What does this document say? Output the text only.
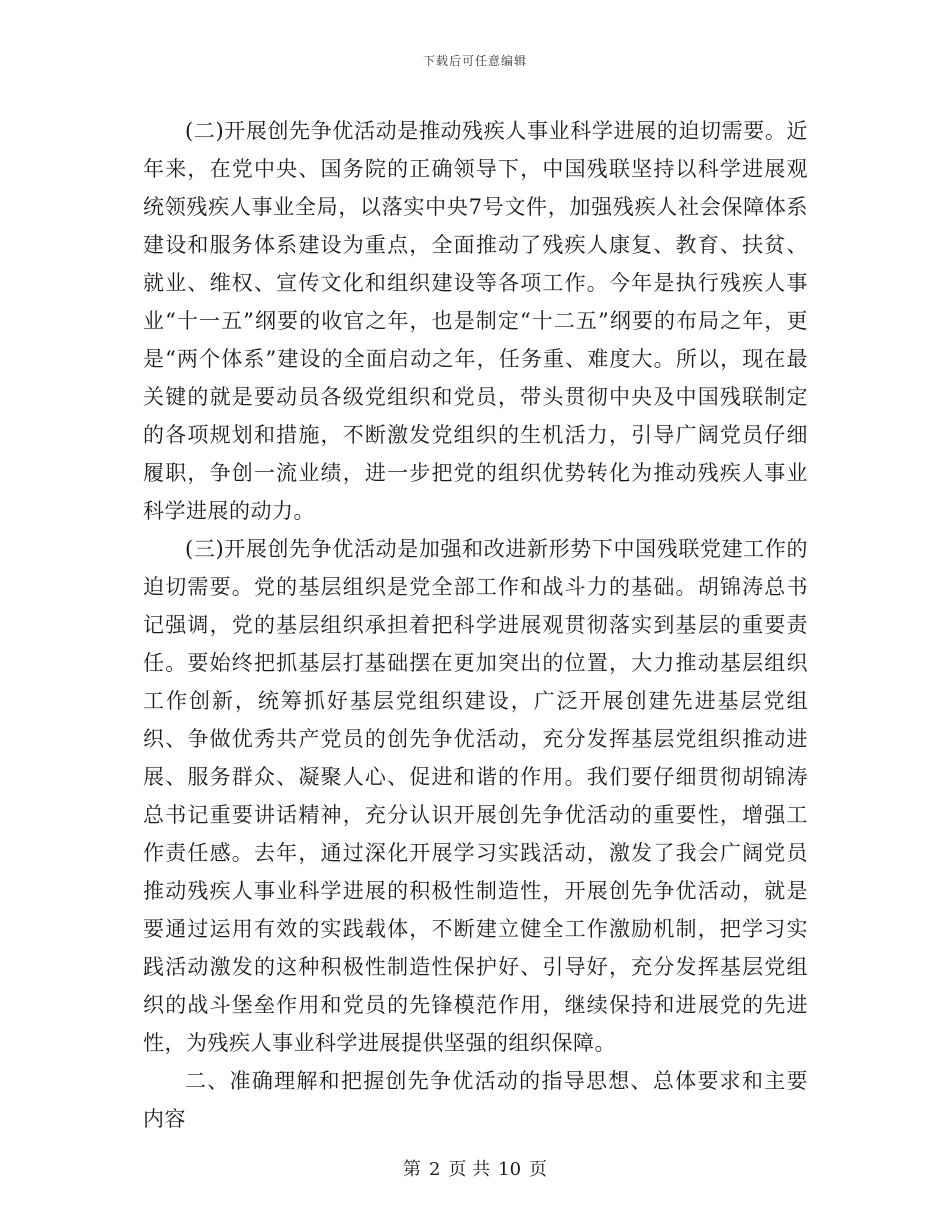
下载后可任意编辑

(二)开展创先争优活动是推动残疾人事业科学进展的迫切需要。近年来，在党中央、国务院的正确领导下，中国残联坚持以科学进展观统领残疾人事业全局，以落实中央7号文件，加强残疾人社会保障体系建设和服务体系建设为重点，全面推动了残疾人康复、教育、扶贫、就业、维权、宣传文化和组织建设等各项工作。今年是执行残疾人事业“十一五”纲要的收官之年，也是制定“十二五”纲要的布局之年，更是“两个体系”建设的全面启动之年，任务重、难度大。所以，现在最关键的就是要动员各级党组织和党员，带头贯彻中央及中国残联制定的各项规划和措施，不断激发党组织的生机活力，引导广阔党员仔细履职，争创一流业绩，进一步把党的组织优势转化为推动残疾人事业科学进展的动力。

(三)开展创先争优活动是加强和改进新形势下中国残联党建工作的迫切需要。党的基层组织是党全部工作和战斗力的基础。胡锦涛总书记强调，党的基层组织承担着把科学进展观贯彻落实到基层的重要责任。要始终把抓基层打基础摆在更加突出的位置，大力推动基层组织工作创新，统筹抓好基层党组织建设，广泛开展创建先进基层党组织、争做优秀共产党员的创先争优活动，充分发挥基层党组织推动进展、服务群众、凝聚人心、促进和谐的作用。我们要仔细贯彻胡锦涛总书记重要讲话精神，充分认识开展创先争优活动的重要性，增强工作责任感。去年，通过深化开展学习实践活动，激发了我会广阔党员推动残疾人事业科学进展的积极性制造性，开展创先争优活动，就是要通过运用有效的实践载体，不断建立健全工作激励机制，把学习实践活动激发的这种积极性制造性保护好、引导好，充分发挥基层党组织的战斗堡垒作用和党员的先锋模范作用，继续保持和进展党的先进性，为残疾人事业科学进展提供坚强的组织保障。

二、准确理解和把握创先争优活动的指导思想、总体要求和主要内容

第 2 页 共 10 页
